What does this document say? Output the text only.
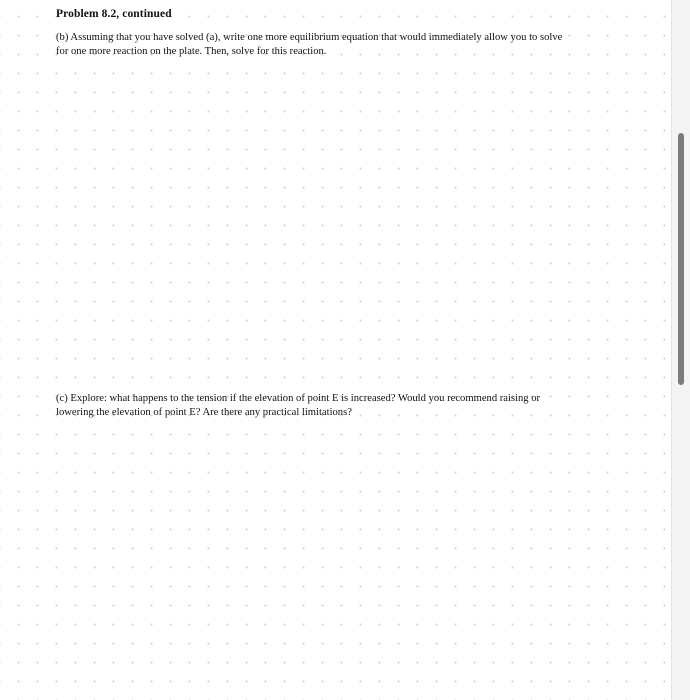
Problem 8.2, continued
(b) Assuming that you have solved (a), write one more equilibrium equation that would immediately allow you to solve
for one more reaction on the plate. Then, solve for this reaction.
(c) Explore: what happens to the tension if the elevation of point E is increased? Would you recommend raising or
lowering the elevation of point E? Are there any practical limitations?
